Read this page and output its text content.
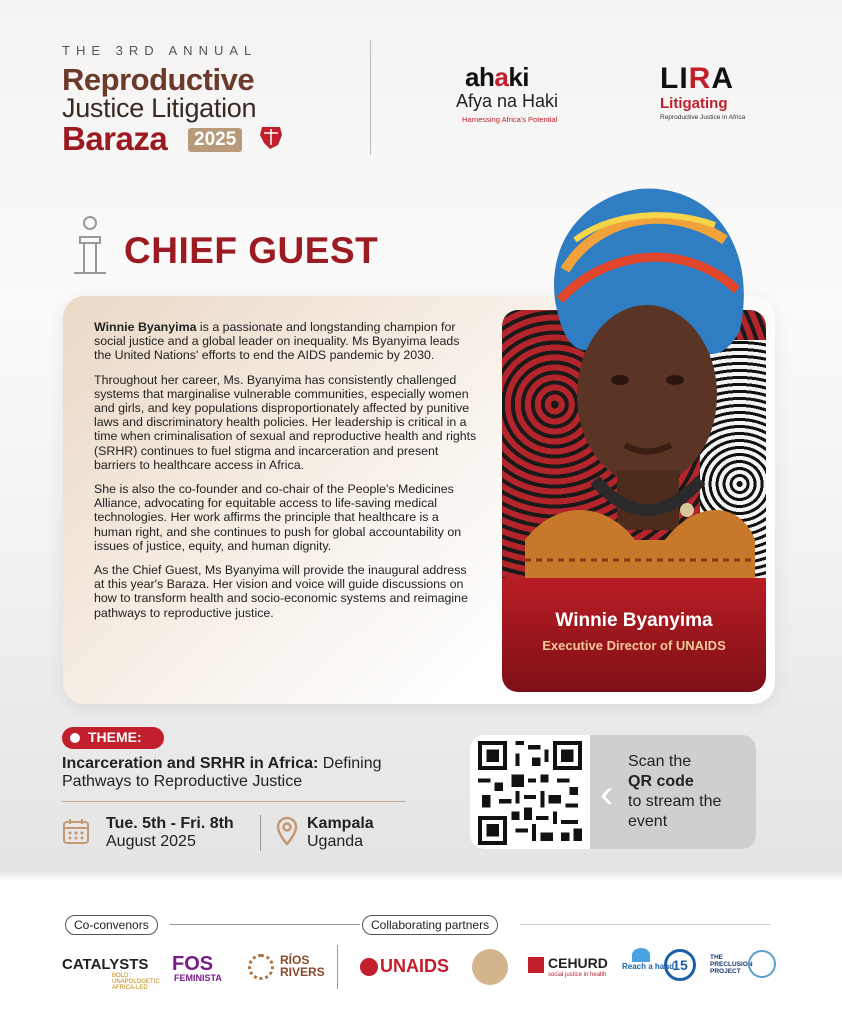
THE 3RD ANNUAL
Reproductive
Justice Litigation
Baraza	2025
ahaki
Afya na Haki
Harnessing Africa's Potential
LIRA
Litigating
Reproductive Justice in Africa
CHIEF GUEST

Winnie Byanyima is a passionate and longstanding champion for social justice and a global leader on inequality. Ms Byanyima leads the United Nations' efforts to end the AIDS pandemic by 2030.

Throughout her career, Ms. Byanyima has consistently challenged systems that marginalise vulnerable communities, especially women and girls, and key populations disproportionately affected by punitive laws and discriminatory health policies. Her leadership is critical in a time when criminalisation of sexual and reproductive health and rights (SRHR) continues to fuel stigma and incarceration and present barriers to healthcare access in Africa.

She is also the co-founder and co-chair of the People's Medicines Alliance, advocating for equitable access to life-saving medical technologies. Her work affirms the principle that healthcare is a human right, and she continues to push for global accountability on issues of justice, equity, and human dignity.

As the Chief Guest, Ms Byanyima will provide the inaugural address at this year's Baraza. Her vision and voice will guide discussions on how to transform health and socio-economic systems and reimagine pathways to reproductive justice.	Winnie Byanyima
Executive Director of UNAIDS
THEME:
Incarceration and SRHR in Africa: Defining Pathways to Reproductive Justice
Tue. 5th - Fri. 8th
August 2025
Kampala
Uganda
‹
Scan the
QR code
to stream the event
Co-convenors	Collaborating partners
CATALYSTS
BOLD UNAPOLOGETIC AFRICA-LED
FOS
FEMINISTA
RÍOS
RIVERS	UNAIDS	CEHURD
social justice in health
Reach a hand
15	THE PRECLUSION PROJECT
